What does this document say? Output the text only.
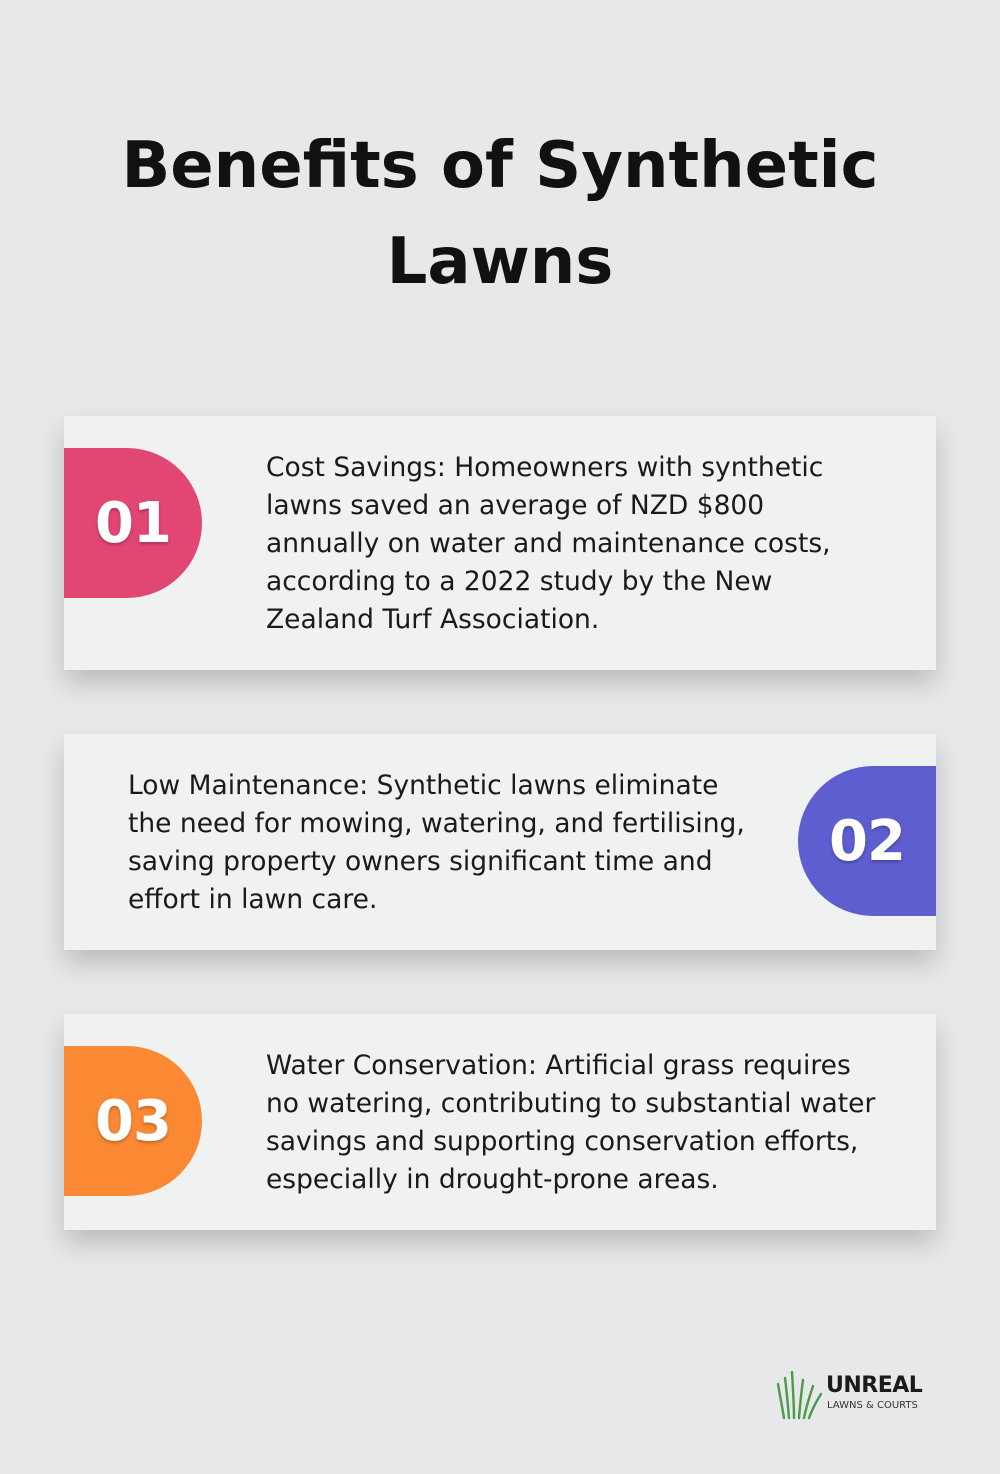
Benefits of Synthetic Lawns
01

Cost Savings: Homeowners with synthetic lawns saved an average of NZD $800 annually on water and maintenance costs, according to a 2022 study by the New Zealand Turf Association.

Low Maintenance: Synthetic lawns eliminate the need for mowing, watering, and fertilising, saving property owners significant time and effort in lawn care.

02
03

Water Conservation: Artificial grass requires no watering, contributing to substantial water savings and supporting conservation efforts, especially in drought-prone areas.

UNREAL
LAWNS & COURTS
